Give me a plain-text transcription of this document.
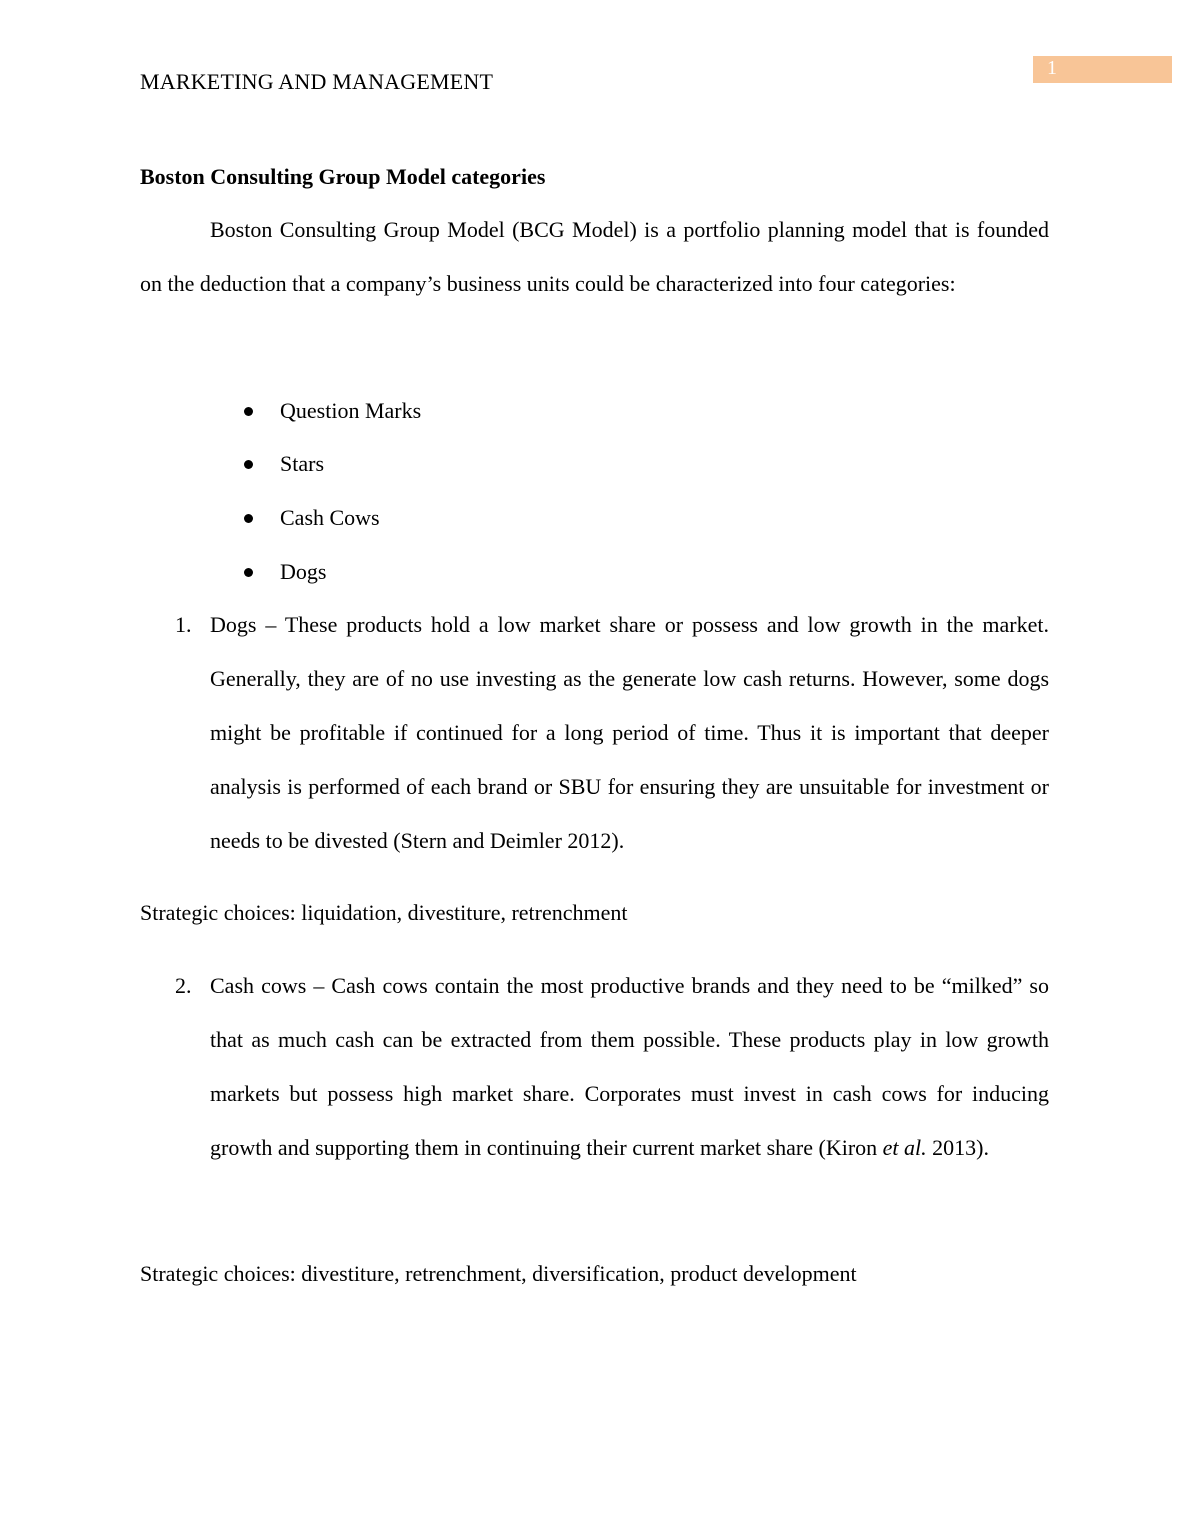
MARKETING AND MANAGEMENT
1
Boston Consulting Group Model categories
Boston Consulting Group Model (BCG Model) is a portfolio planning model that is founded on the deduction that a company’s business units could be characterized into four categories:
Question Marks
Stars
Cash Cows
Dogs
1. Dogs – These products hold a low market share or possess and low growth in the market. Generally, they are of no use investing as the generate low cash returns. However, some dogs might be profitable if continued for a long period of time. Thus it is important that deeper analysis is performed of each brand or SBU for ensuring they are unsuitable for investment or needs to be divested (Stern and Deimler 2012).
Strategic choices: liquidation, divestiture, retrenchment
2. Cash cows – Cash cows contain the most productive brands and they need to be “milked” so that as much cash can be extracted from them possible. These products play in low growth markets but possess high market share. Corporates must invest in cash cows for inducing growth and supporting them in continuing their current market share (Kiron et al. 2013).
Strategic choices: divestiture, retrenchment, diversification, product development
